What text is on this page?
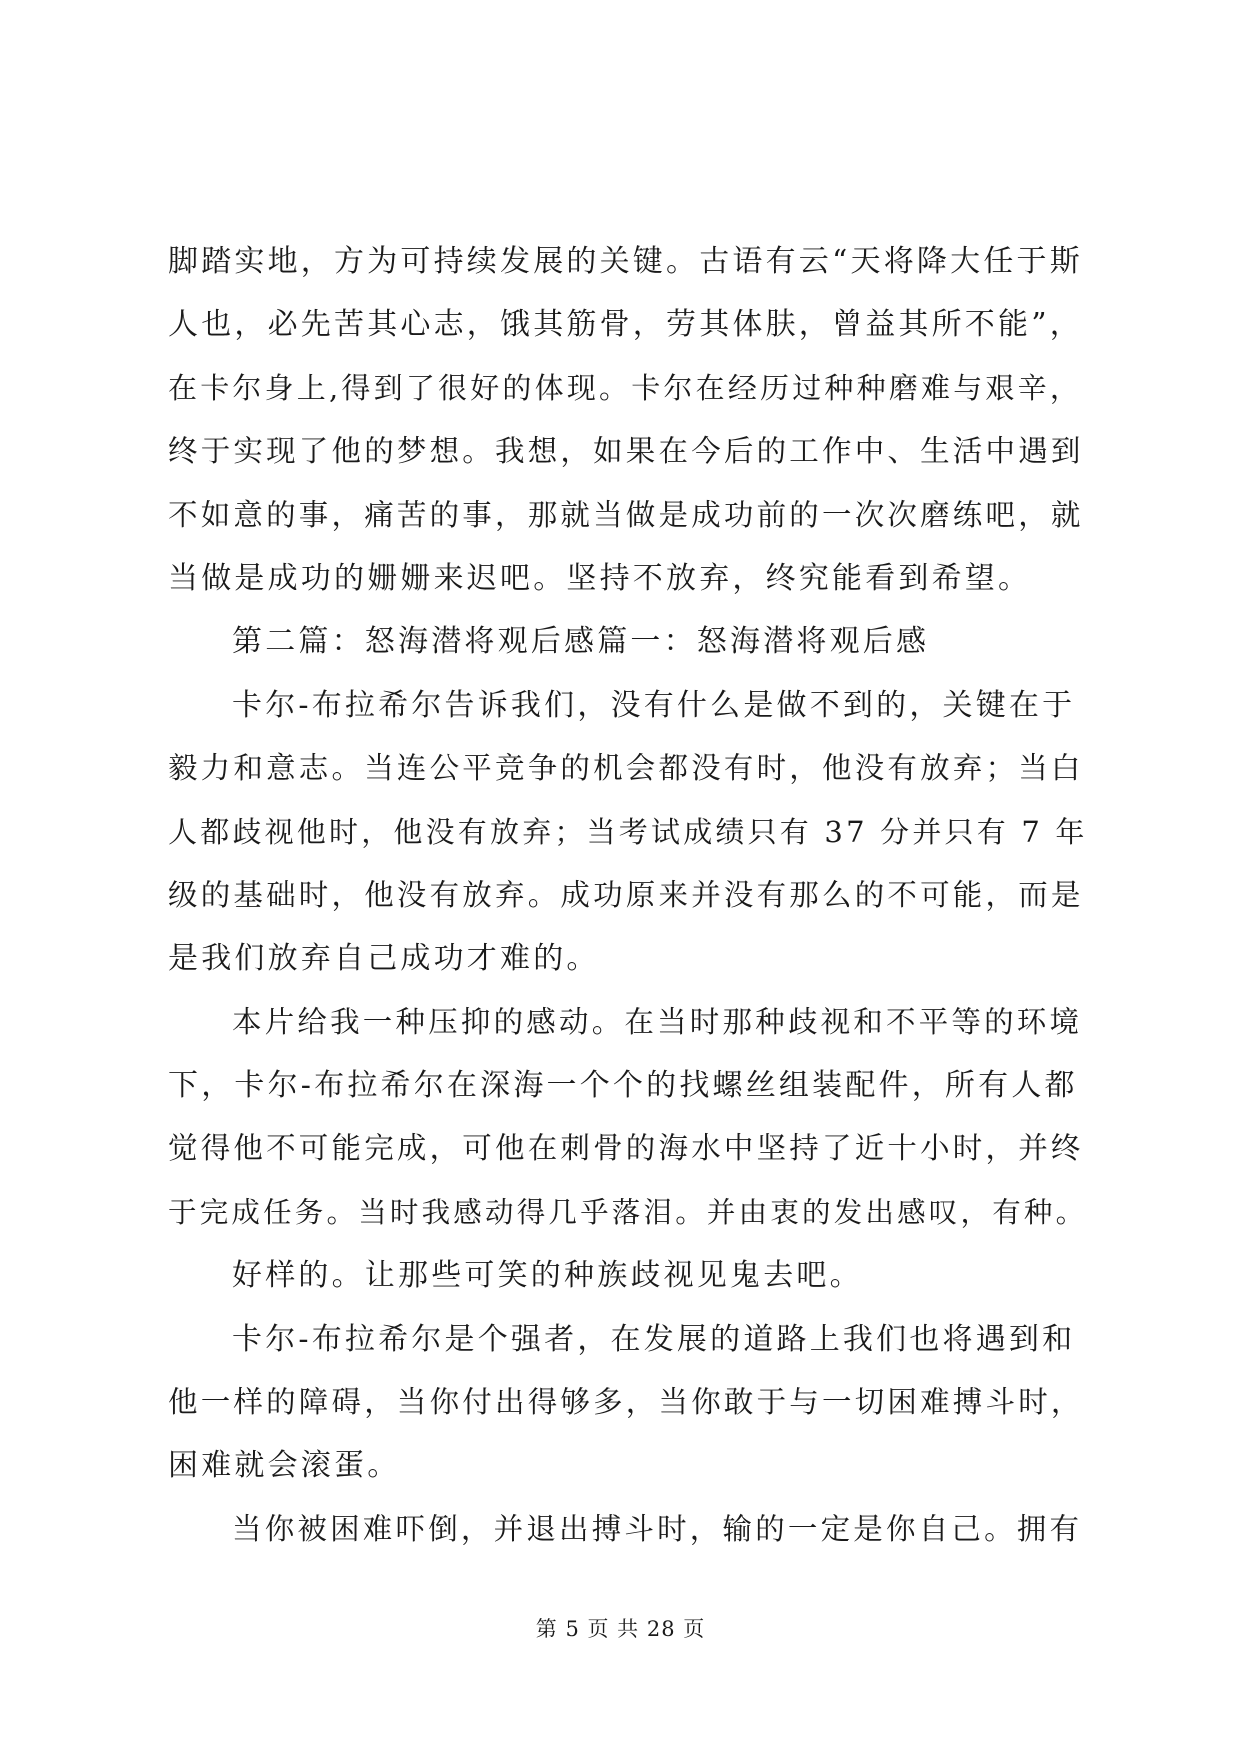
脚踏实地，方为可持续发展的关键。古语有云“天将降大任于斯
人也，必先苦其心志，饿其筋骨，劳其体肤，曾益其所不能”，
在卡尔身上,得到了很好的体现。卡尔在经历过种种磨难与艰辛，
终于实现了他的梦想。我想，如果在今后的工作中、生活中遇到
不如意的事，痛苦的事，那就当做是成功前的一次次磨练吧，就
当做是成功的姗姗来迟吧。坚持不放弃，终究能看到希望。
第二篇：怒海潜将观后感篇一：怒海潜将观后感
卡尔-布拉希尔告诉我们，没有什么是做不到的，关键在于
毅力和意志。当连公平竞争的机会都没有时，他没有放弃；当白
人都歧视他时，他没有放弃；当考试成绩只有 37 分并只有 7 年
级的基础时，他没有放弃。成功原来并没有那么的不可能，而是
是我们放弃自己成功才难的。
本片给我一种压抑的感动。在当时那种歧视和不平等的环境
下，卡尔-布拉希尔在深海一个个的找螺丝组装配件，所有人都
觉得他不可能完成，可他在刺骨的海水中坚持了近十小时，并终
于完成任务。当时我感动得几乎落泪。并由衷的发出感叹，有种。
好样的。让那些可笑的种族歧视见鬼去吧。
卡尔-布拉希尔是个强者，在发展的道路上我们也将遇到和
他一样的障碍，当你付出得够多，当你敢于与一切困难搏斗时，
困难就会滚蛋。
当你被困难吓倒，并退出搏斗时，输的一定是你自己。拥有
第 5 页 共 28 页
